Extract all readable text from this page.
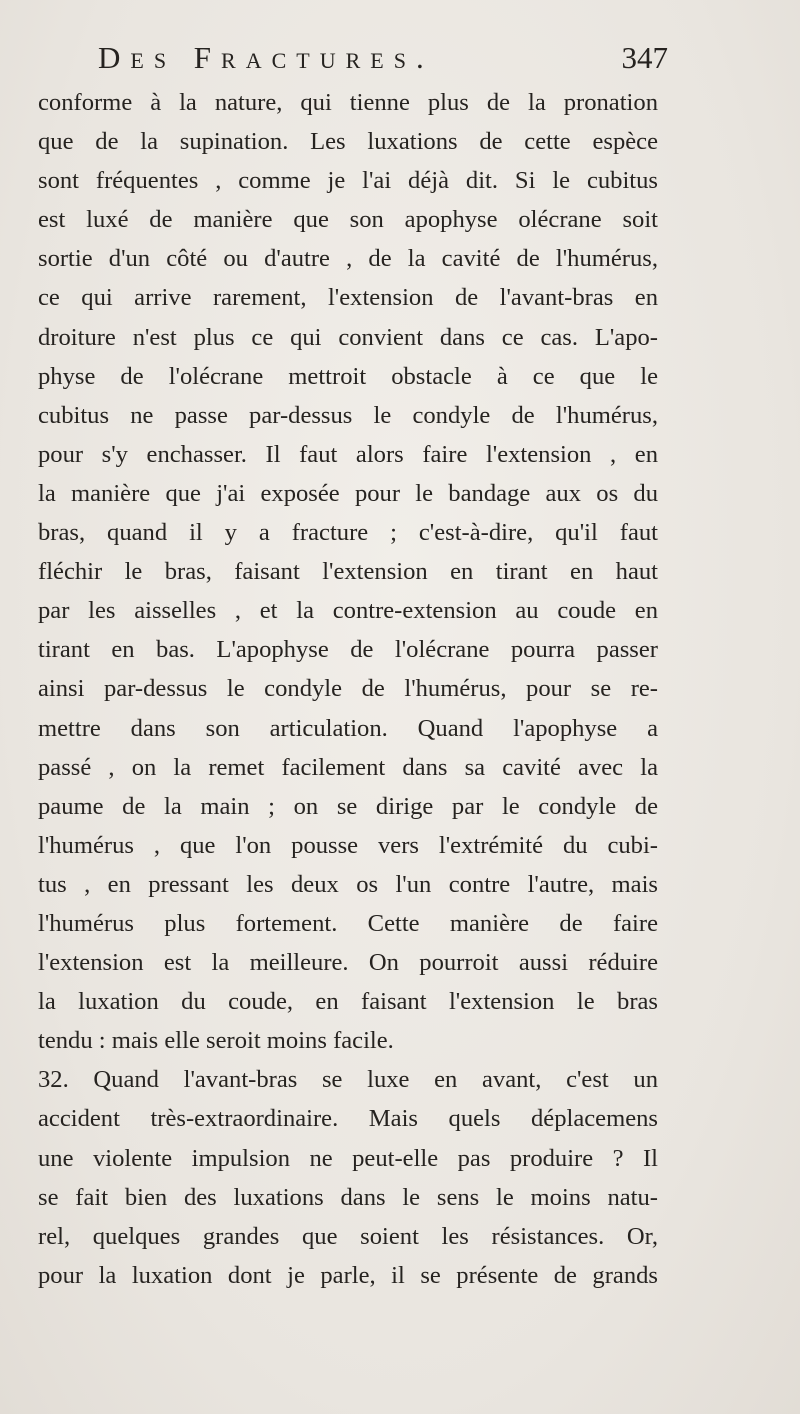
Des Fractures.	347
conforme à la nature, qui tienne plus de la pronation
que de la supination. Les luxations de cette espèce
sont fréquentes , comme je l'ai déjà dit. Si le cubitus
est luxé de manière que son apophyse olécrane soit
sortie d'un côté ou d'autre , de la cavité de l'humérus,
ce qui arrive rarement, l'extension de l'avant-bras en
droiture n'est plus ce qui convient dans ce cas. L'apo-
physe de l'olécrane mettroit obstacle à ce que le
cubitus ne passe par-dessus le condyle de l'humérus,
pour s'y enchasser. Il faut alors faire l'extension , en
la manière que j'ai exposée pour le bandage aux os du
bras, quand il y a fracture ; c'est-à-dire, qu'il faut
fléchir le bras, faisant l'extension en tirant en haut
par les aisselles , et la contre-extension au coude en
tirant en bas. L'apophyse de l'olécrane pourra passer
ainsi par-dessus le condyle de l'humérus, pour se re-
mettre dans son articulation. Quand l'apophyse a
passé , on la remet facilement dans sa cavité avec la
paume de la main ; on se dirige par le condyle de
l'humérus , que l'on pousse vers l'extrémité du cubi-
tus , en pressant les deux os l'un contre l'autre, mais
l'humérus plus fortement. Cette manière de faire
l'extension est la meilleure. On pourroit aussi réduire
la luxation du coude, en faisant l'extension le bras
tendu : mais elle seroit moins facile.
32. Quand l'avant-bras se luxe en avant, c'est un
accident très-extraordinaire. Mais quels déplacemens
une violente impulsion ne peut-elle pas produire ? Il
se fait bien des luxations dans le sens le moins natu-
rel, quelques grandes que soient les résistances. Or,
pour la luxation dont je parle, il se présente de grands
